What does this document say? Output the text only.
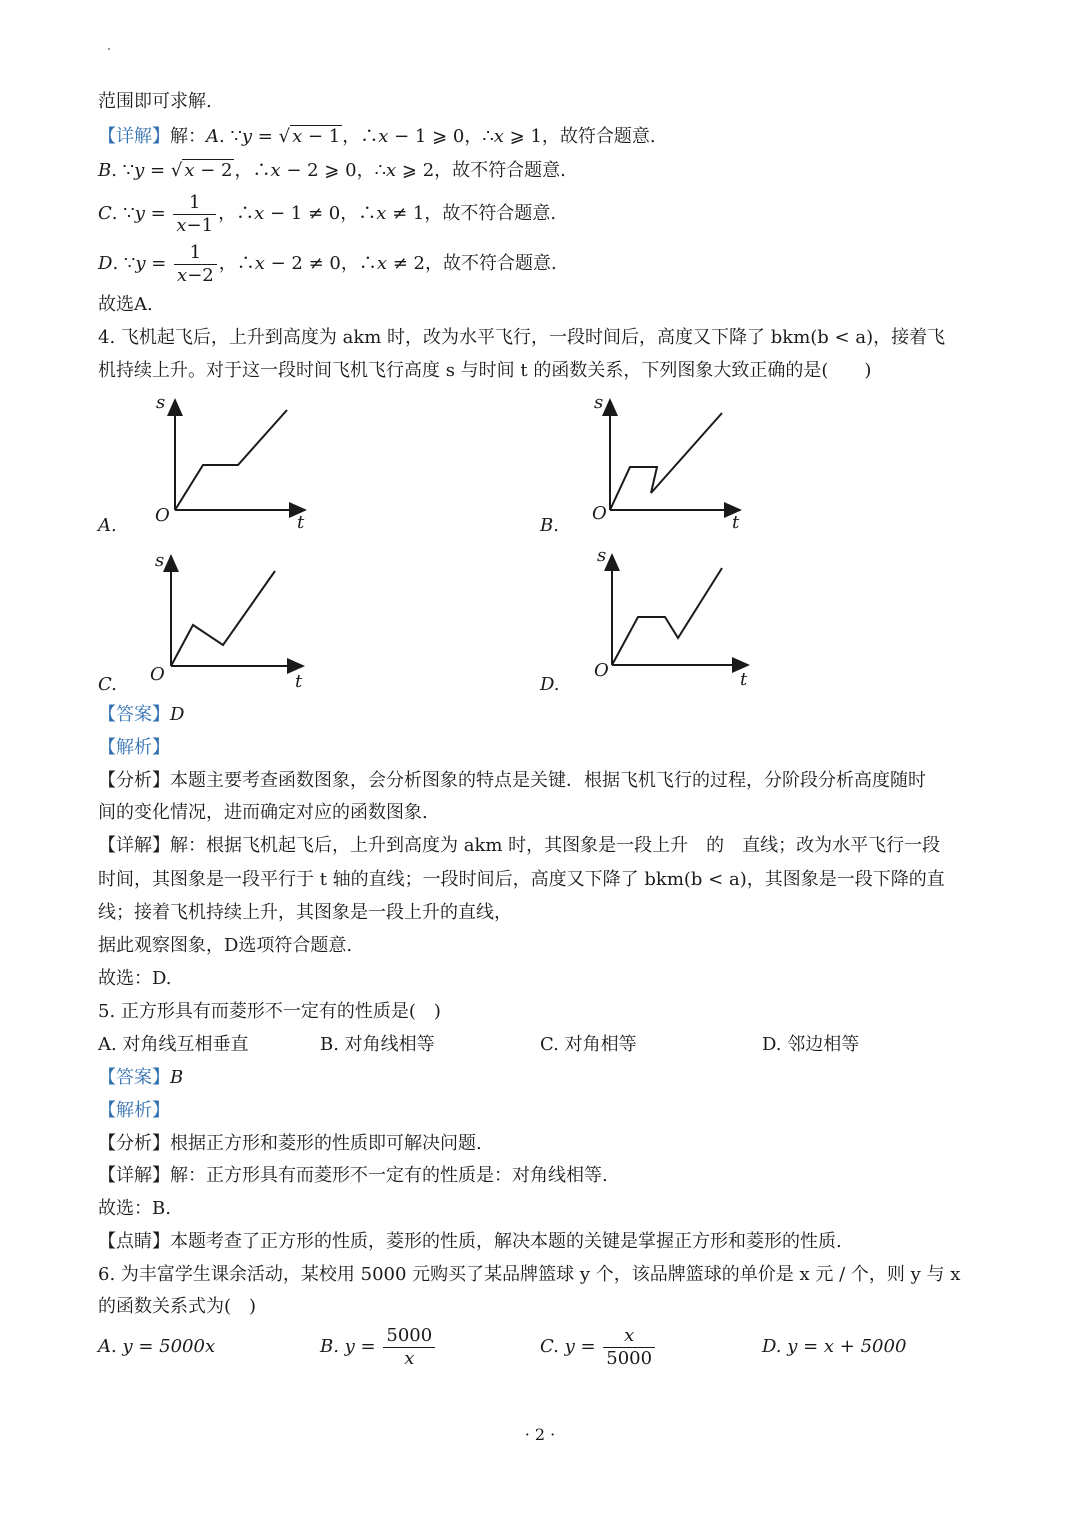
范围即可求解.
【详解】解：A. ∵y = √ x − 1 ，∴x − 1 ⩾ 0，∴x ⩾ 1，故符合题意.
B. ∵y = √ x − 2 ，∴x − 2 ⩾ 0，∴x ⩾ 2，故不符合题意.
C. ∵y = $\frac{1}{x-1}$ ，∴x − 1 ≠ 0，∴x ≠ 1，故不符合题意.
D. ∵y = $\frac{1}{x-2}$ ，∴x − 2 ≠ 0，∴x ≠ 2，故不符合题意.
故选A.
4. 飞机起飞后，上升到高度为 akm 时，改为水平飞行，一段时间后，高度又下降了 bkm(b < a)，接着飞
机持续上升。对于这一段时间飞机飞行高度 s 与时间 t 的函数关系，下列图象大致正确的是(　　)
s
O	t
A.
s
O	t
B.
s
O	t
C.
s
O	t
D.
【答案】D
【解析】
【分析】本题主要考查函数图象，会分析图象的特点是关键．根据飞机飞行的过程，分阶段分析高度随时
间的变化情况，进而确定对应的函数图象.
【详解】解：根据飞机起飞后，上升到高度为 akm 时，其图象是一段上升　的　直线；改为水平飞行一段
时间，其图象是一段平行于 t 轴的直线；一段时间后，高度又下降了 bkm(b < a)，其图象是一段下降的直
线；接着飞机持续上升，其图象是一段上升的直线，
据此观察图象，D选项符合题意.
故选：D.
5. 正方形具有而菱形不一定有的性质是(　)
A. 对角线互相垂直	B. 对角线相等	C. 对角相等	D. 邻边相等
【答案】B
【解析】
【分析】根据正方形和菱形的性质即可解决问题.
【详解】解：正方形具有而菱形不一定有的性质是：对角线相等.
故选：B.
【点睛】本题考查了正方形的性质，菱形的性质，解决本题的关键是掌握正方形和菱形的性质.
6. 为丰富学生课余活动，某校用 5000 元购买了某品牌篮球 y 个，该品牌篮球的单价是 x 元 / 个，则 y 与 x
的函数关系式为(　)
A. y = 5000x	B. $y = \frac{5000}{x}$	C. $y = \frac{x}{5000}$	D. y = x + 5000
· 2 ·
